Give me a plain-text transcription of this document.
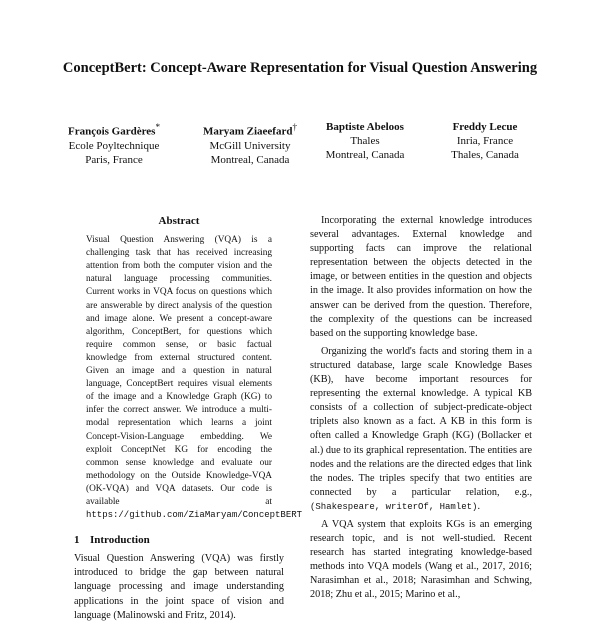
ConceptBert: Concept-Aware Representation for Visual Question Answering
François Gardères*
Ecole Poyltechnique
Paris, France
Maryam Ziaeefard†
McGill University
Montreal, Canada
Baptiste Abeloos
Thales
Montreal, Canada
Freddy Lecue
Inria, France
Thales, Canada
Abstract
Visual Question Answering (VQA) is a challenging task that has received increasing attention from both the computer vision and the natural language processing communities. Current works in VQA focus on questions which are answerable by direct analysis of the question and image alone. We present a concept-aware algorithm, ConceptBert, for questions which require common sense, or basic factual knowledge from external structured content. Given an image and a question in natural language, ConceptBert requires visual elements of the image and a Knowledge Graph (KG) to infer the correct answer. We introduce a multi-modal representation which learns a joint Concept-Vision-Language embedding. We exploit ConceptNet KG for encoding the common sense knowledge and evaluate our methodology on the Outside Knowledge-VQA (OK-VQA) and VQA datasets. Our code is available at https://github.com/ZiaMaryam/ConceptBERT
1 Introduction

Visual Question Answering (VQA) was firstly introduced to bridge the gap between natural language processing and image understanding applications in the joint space of vision and language (Malinowski and Fritz, 2014).

Incorporating the external knowledge introduces several advantages. External knowledge and supporting facts can improve the relational representation between the objects detected in the image, or between entities in the question and objects in the image. It also provides information on how the answer can be derived from the question. Therefore, the complexity of the questions can be increased based on the supporting knowledge base.

Organizing the world's facts and storing them in a structured database, large scale Knowledge Bases (KB), have become important resources for representing the external knowledge. A typical KB consists of a collection of subject-predicate-object triplets also known as a fact. A KB in this form is often called a Knowledge Graph (KG) (Bollacker et al.) due to its graphical representation. The entities are nodes and the relations are the directed edges that link the nodes. The triples specify that two entities are connected by a particular relation, e.g., (Shakespeare, writerOf, Hamlet).

A VQA system that exploits KGs is an emerging research topic, and is not well-studied. Recent research has started integrating knowledge-based methods into VQA models (Wang et al., 2017, 2016; Narasimhan et al., 2018; Narasimhan and Schwing, 2018; Zhu et al., 2015; Marino et al.,
